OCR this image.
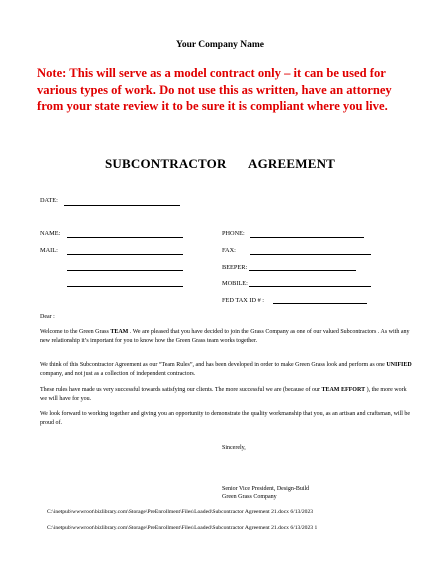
Your Company Name
Note: This will serve as a model contract only – it can be used for various types of work. Do not use this as written, have an attorney from your state review it to be sure it is compliant where you live.
SUBCONTRACTOR AGREEMENT
DATE:
NAME:
MAIL:
PHONE:
FAX:
BEEPER:
MOBILE:
FED TAX ID # :
Dear :
Welcome to the Green Grass TEAM . We are pleased that you have decided to join the Grass Company as one of our valued Subcontractors . As with any new relationship it’s important for you to know how the Green Grass team works together.
We think of this Subcontractor Agreement as our “Team Rules”, and has been developed in order to make Green Grass look and perform as one UNIFIED company, and not just as a collection of independent contractors.
These rules have made us very successful towards satisfying our clients. The more successful we are (because of our TEAM EFFORT ), the more work we will have for you.
We look forward to working together and giving you an opportunity to demonstrate the quality workmanship that you, as an artisan and craftsman, will be proud of.
Sincerely,
Senior Vice President, Design-Build
Green Grass Company
C:\inetpub\wwwroot\bizlibrary.com\Storage\PreEnrollment\Files\Loaded\Subcontractor Agreement 21.docx 6/13/2023
C:\inetpub\wwwroot\bizlibrary.com\Storage\PreEnrollment\Files\Loaded\Subcontractor Agreement 21.docx 6/13/2023 1
